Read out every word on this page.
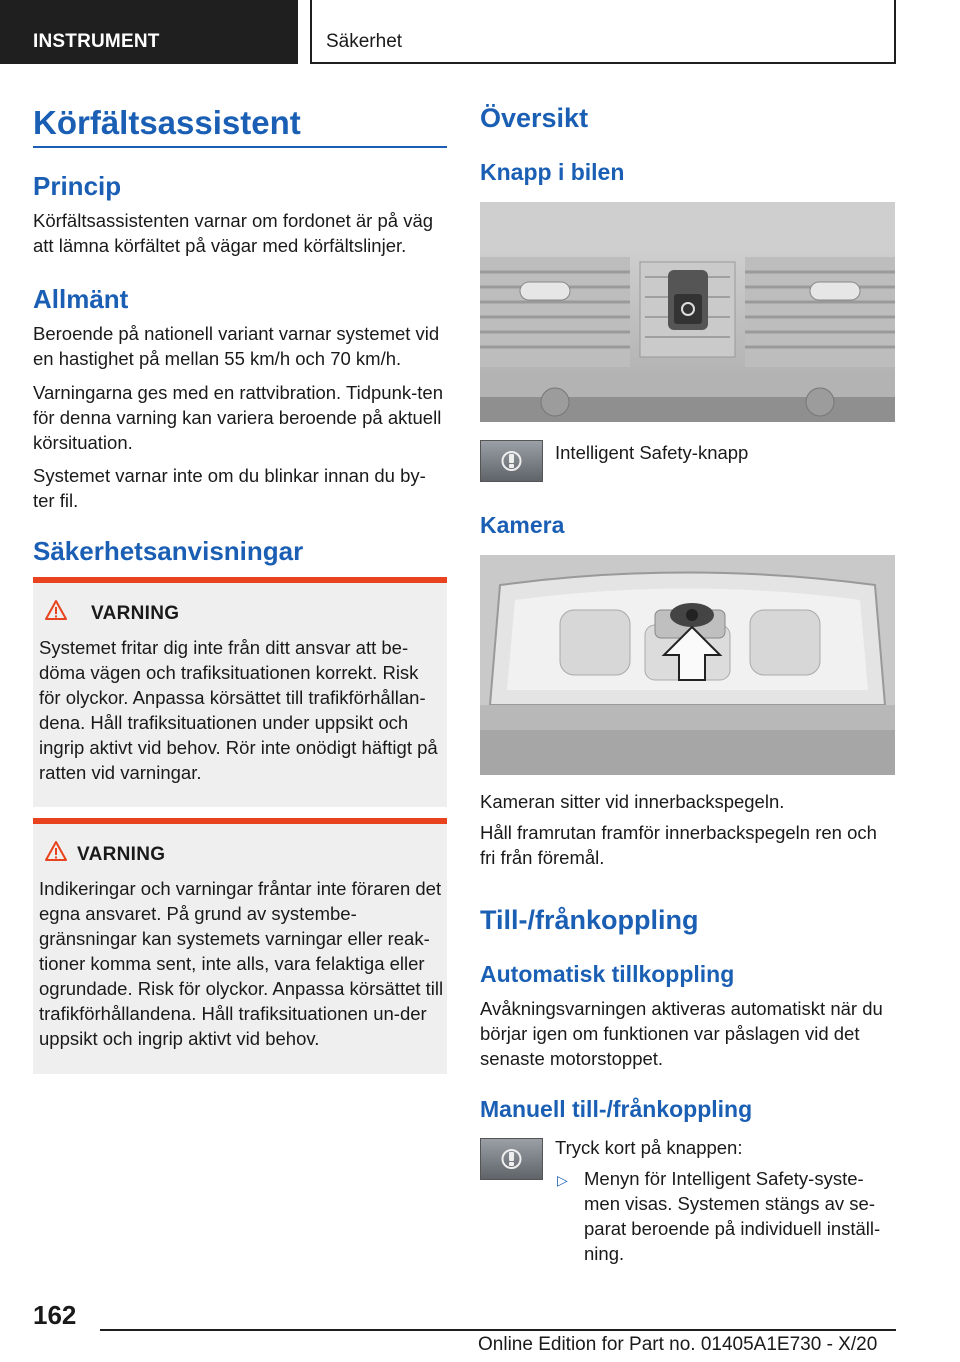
INSTRUMENT	Säkerhet
Körfältsassistent
Princip

Körfältsassistenten varnar om fordonet är på väg att lämna körfältet på vägar med körfältslinjer.

Allmänt

Beroende på nationell variant varnar systemet vid en hastighet på mellan 55 km/h och 70 km/h.

Varningarna ges med en rattvibration. Tidpunk‐ten för denna varning kan variera beroende på aktuell körsituation.

Systemet varnar inte om du blinkar innan du by‐ter fil.

Säkerhetsanvisningar
VARNING

Systemet fritar dig inte från ditt ansvar att be‐döma vägen och trafiksituationen korrekt. Risk för olyckor. Anpassa körsättet till trafikförhållan‐dena. Håll trafiksituationen under uppsikt och ingrip aktivt vid behov. Rör inte onödigt häftigt på ratten vid varningar.

VARNING

Indikeringar och varningar fråntar inte föraren det egna ansvaret. På grund av systembe‐gränsningar kan systemets varningar eller reak‐tioner komma sent, inte alls, vara felaktiga eller ogrundade. Risk för olyckor. Anpassa körsättet till trafikförhållandena. Håll trafiksituationen un‐der uppsikt och ingrip aktivt vid behov.

Översikt
Knapp i bilen

Intelligent Safety-knapp

Kamera

Kameran sitter vid innerbackspegeln.

Håll framrutan framför innerbackspegeln ren och fri från föremål.

Till-/frånkoppling
Automatisk tillkoppling

Avåkningsvarningen aktiveras automatiskt när du börjar igen om funktionen var påslagen vid det senaste motorstoppet.

Manuell till-/frånkoppling

Tryck kort på knappen:

▷ Menyn för Intelligent Safety-syste‐men visas. Systemen stängs av se‐parat beroende på individuell inställ‐ning.

162
Online Edition for Part no. 01405A1E730 - X/20
